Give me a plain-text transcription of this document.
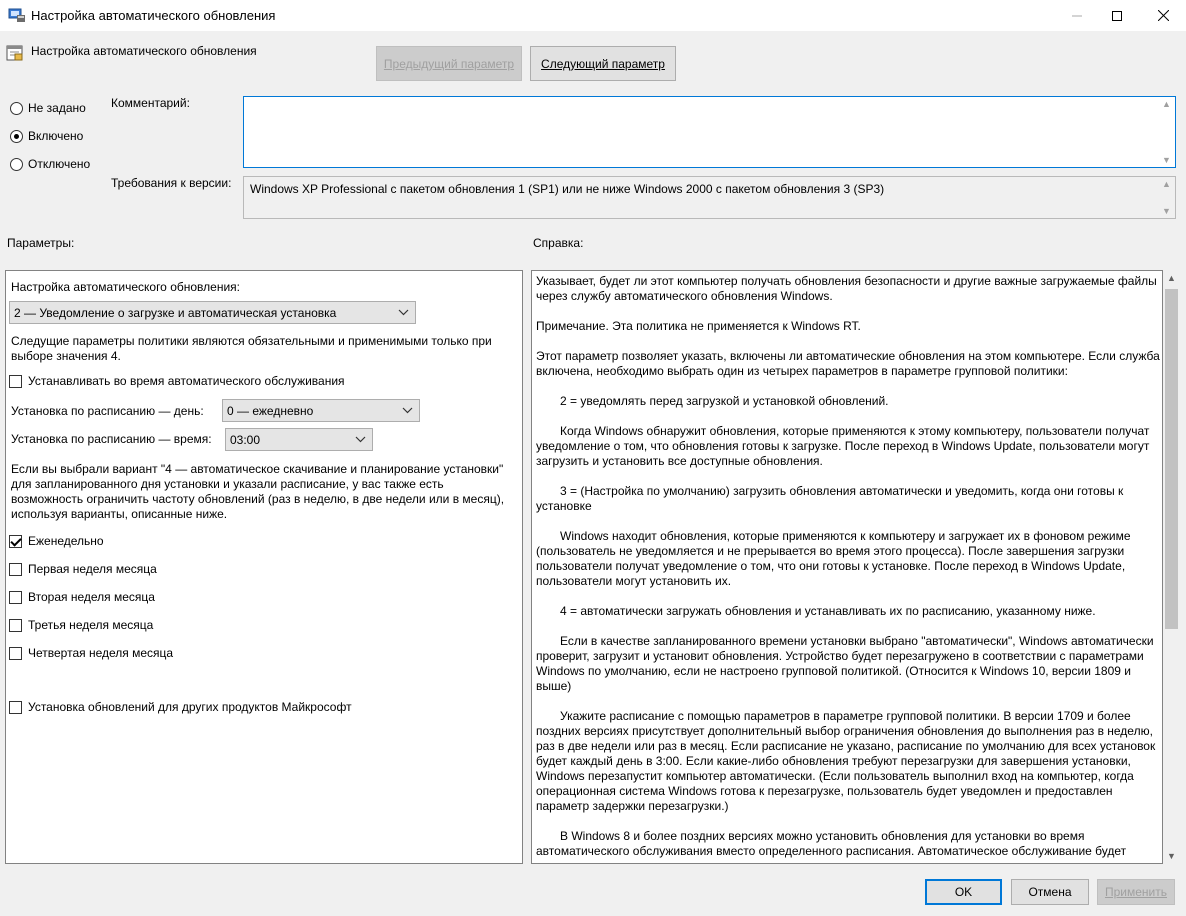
Настройка автоматического обновления
Настройка автоматического обновления
Предыдущий параметр Следующий параметр
Не задано
Включено
Отключено
Комментарий:	▲
▼
Требования к версии: Windows XP Professional с пакетом обновления 1 (SP1) или не ниже Windows 2000 с пакетом обновления 3 (SP3)	▲
▼
Параметры:	Справка:
Настройка автоматического обновления:
2 — Уведомление о загрузке и автоматическая установка
Следущие параметры политики являются обязательными и применимыми только при выборе значения 4.
Устанавливать во время автоматического обслуживания
Установка по расписанию — день: 0 — ежедневно
Установка по расписанию — время: 03:00
Если вы выбрали вариант "4 — автоматическое скачивание и планирование установки" для запланированного дня установки и указали расписание, у вас также есть возможность ограничить частоту обновлений (раз в неделю, в две недели или в месяц), используя варианты, описанные ниже.
Еженедельно
Первая неделя месяца
Вторая неделя месяца
Третья неделя месяца
Четвертая неделя месяца
Установка обновлений для других продуктов Майкрософт

Указывает, будет ли этот компьютер получать обновления безопасности и другие важные загружаемые файлы через службу автоматического обновления Windows.

Примечание. Эта политика не применяется к Windows RT.

Этот параметр позволяет указать, включены ли автоматические обновления на этом компьютере. Если служба включена, необходимо выбрать один из четырех параметров в параметре групповой политики:

2 = уведомлять перед загрузкой и установкой обновлений.

Когда Windows обнаружит обновления, которые применяются к этому компьютеру, пользователи получат уведомление о том, что обновления готовы к загрузке. После переход в Windows Update, пользователи могут загрузить и установить все доступные обновления.

3 = (Настройка по умолчанию) загрузить обновления автоматически и уведомить, когда они готовы к установке

Windows находит обновления, которые применяются к компьютеру и загружает их в фоновом режиме (пользователь не уведомляется и не прерывается во время этого процесса). После завершения загрузки пользователи получат уведомление о том, что они готовы к установке. После переход в Windows Update, пользователи могут установить их.

4 = автоматически загружать обновления и устанавливать их по расписанию, указанному ниже.

Если в качестве запланированного времени установки выбрано "автоматически", Windows автоматически проверит, загрузит и установит обновления. Устройство будет перезагружено в соответствии с параметрами Windows по умолчанию, если не настроено групповой политикой. (Относится к Windows 10, версии 1809 и выше)

Укажите расписание с помощью параметров в параметре групповой политики. В версии 1709 и более поздних версиях присутствует дополнительный выбор ограничения обновления до выполнения раз в неделю, раз в две недели или раз в месяц. Если расписание не указано, расписание по умолчанию для всех установок будет каждый день в 3:00. Если какие-либо обновления требуют перезагрузки для завершения установки, Windows перезапустит компьютер автоматически. (Если пользователь выполнил вход на компьютер, когда операционная система Windows готова к перезагрузке, пользователь будет уведомлен и предоставлен параметр задержки перезагрузки.)

В Windows 8 и более поздних версиях можно установить обновления для установки во время автоматического обслуживания вместо определенного расписания. Автоматическое обслуживание будет

▲
▼
OK	Отмена	Применить
